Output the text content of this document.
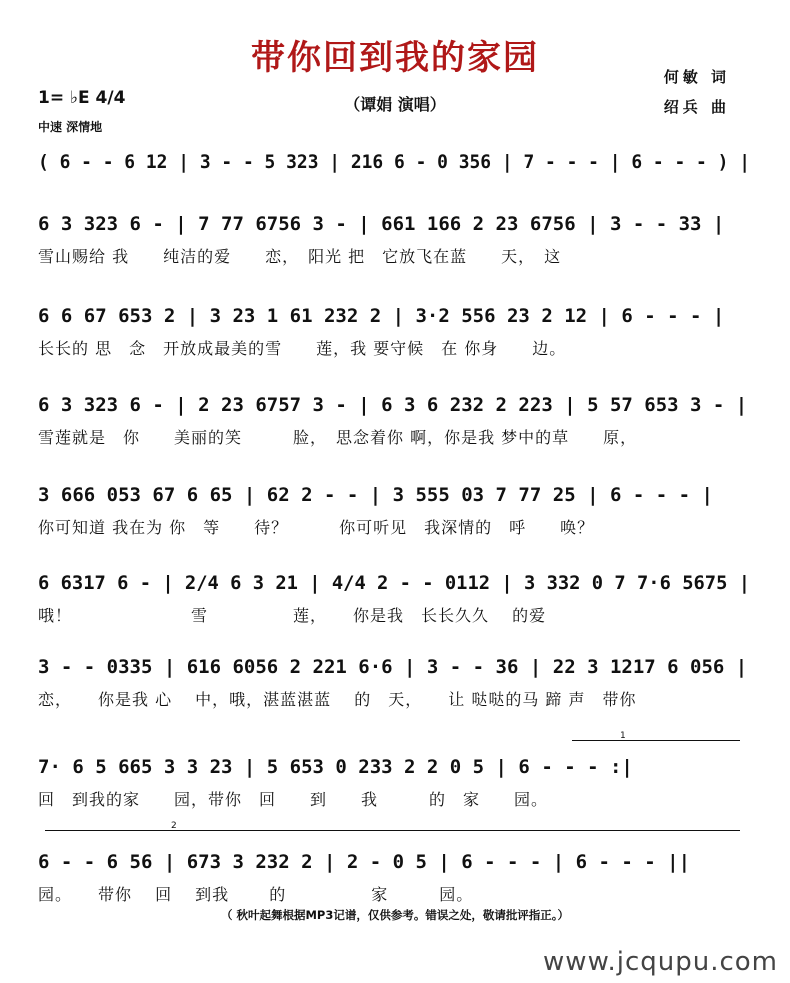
带你回到我的家园
（谭娟 演唱）
何敏 词
绍兵 曲
1= ♭E 4/4
中速 深情地
( 6 - - 6 12 | 3 - - 5 323 | 216 6 - 0 356 | 7 - - - | 6 - - - ) |
6 3 323 6 - | 7 77 6756 3 - | 661 166 2 23 6756 | 3 - - 33 |
雪山赐给 我　　纯洁的爱　　恋，　阳光 把　它放飞在蓝　　天，　这
6 6 67 653 2 | 3 23 1 61 232 2 | 3·2 556 23 2 12 | 6 - - - |
长长的 思　念　开放成最美的雪　　莲，我 要守候　在 你身　　边。
6 3 323 6 - | 2 23 6757 3 - | 6 3 6 232 2 223 | 5 57 653 3 - |
雪莲就是　你　　美丽的笑　　　脸，　思念着你 啊，你是我 梦中的草　　原，
3 666 053 67 6 65 | 62 2 - - | 3 555 03 7 77 25 | 6 - - - |
你可知道 我在为 你　等　　待？　　　你可听见　我深情的　呼　　唤？
6 6317 6 - | 2/4 6 3 21 | 4/4 2 - - 0112 | 3 332 0 7 7·6 5675 |
哦！　　　　　　　雪　　　　　莲，　　你是我　长长久久　 的爱
3 - - 0335 | 616 6056 2 221 6·6 | 3 - - 36 | 22 3 1217 6 056 |
恋，　　你是我 心　 中，哦，湛蓝湛蓝　 的　天，　　让 哒哒的马 蹄 声　带你
1
7· 6 5 665 3 3 23 | 5 653 0 233 2 2 0 5 | 6 - - - :|
回　到我的家　　园，带你　回　　到　　我　　　的　家　　园。
2
6 - - 6 56 | 673 3 232 2 | 2 - 0 5 | 6 - - - | 6 - - - ||
园。　　带你　 回　 到我　　 的　　　　　家　　　园。
（ 秋叶起舞根据MP3记谱，仅供参考。错误之处，敬请批评指正。）
www.jcqupu.com
